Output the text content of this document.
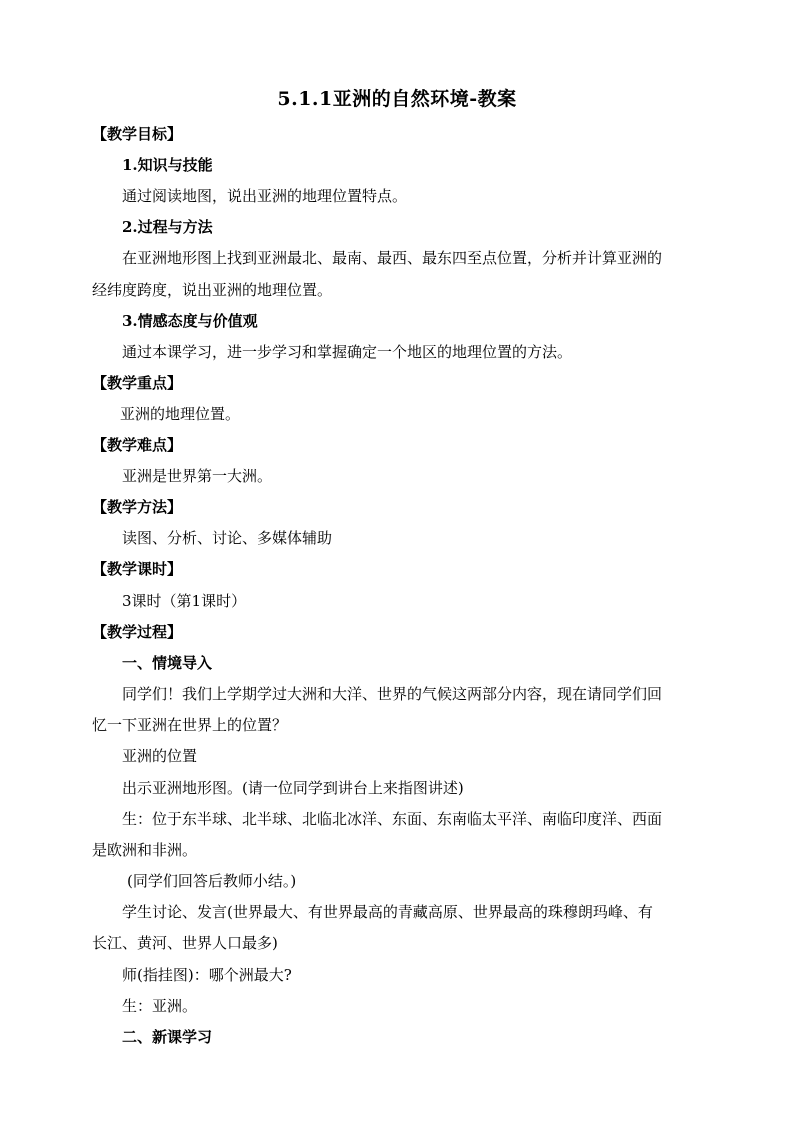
5.1.1亚洲的自然环境-教案
【教学目标】
1.知识与技能
通过阅读地图，说出亚洲的地理位置特点。
2.过程与方法
在亚洲地形图上找到亚洲最北、最南、最西、最东四至点位置，分析并计算亚洲的
经纬度跨度，说出亚洲的地理位置。
3.情感态度与价值观
通过本课学习，进一步学习和掌握确定一个地区的地理位置的方法。
【教学重点】
亚洲的地理位置。
【教学难点】
亚洲是世界第一大洲。
【教学方法】
读图、分析、讨论、多媒体辅助
【教学课时】
3课时（第1课时）
【教学过程】
一、情境导入
同学们！我们上学期学过大洲和大洋、世界的气候这两部分内容，现在请同学们回
忆一下亚洲在世界上的位置？
亚洲的位置
出示亚洲地形图。(请一位同学到讲台上来指图讲述)
生：位于东半球、北半球、北临北冰洋、东面、东南临太平洋、南临印度洋、西面
是欧洲和非洲。
(同学们回答后教师小结。)
学生讨论、发言(世界最大、有世界最高的青藏高原、世界最高的珠穆朗玛峰、有
长江、黄河、世界人口最多)
师(指挂图)：哪个洲最大?
生：亚洲。
二、新课学习
